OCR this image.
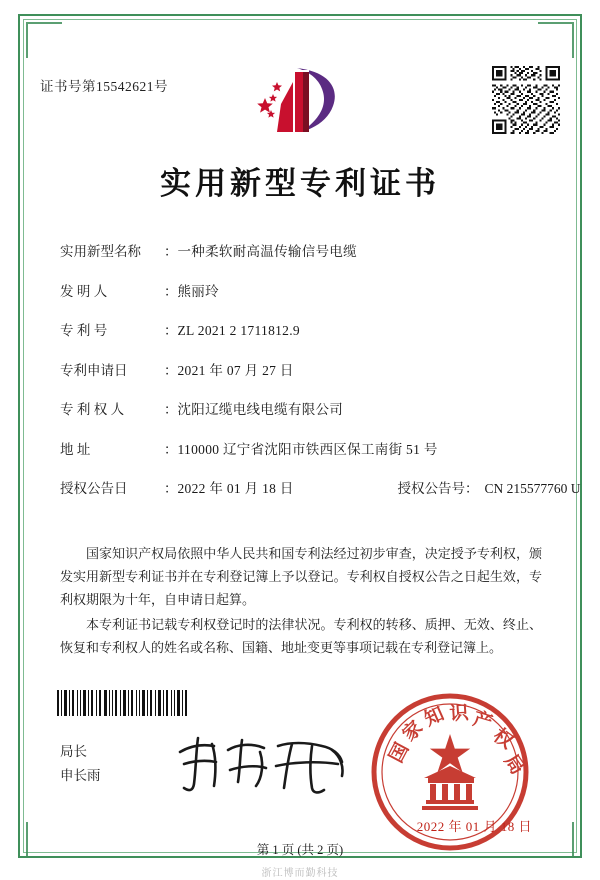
证书号第15542621号
实用新型专利证书
实用新型名称	： 一种柔软耐高温传输信号电缆
发 明 人	： 熊丽玲
专 利 号	： ZL 2021 2 1711812.9
专利申请日	： 2021 年 07 月 27 日
专 利 权 人	： 沈阳辽缆电线电缆有限公司
地 址	： 110000 辽宁省沈阳市铁西区保工南街 51 号
授权公告日	： 2022 年 01 月 18 日	授权公告号： CN 215577760 U

国家知识产权局依照中华人民共和国专利法经过初步审查，决定授予专利权，颁发实用新型专利证书并在专利登记簿上予以登记。专利权自授权公告之日起生效，专利权期限为十年，自申请日起算。

本专利证书记载专利权登记时的法律状况。专利权的转移、质押、无效、终止、恢复和专利权人的姓名或名称、国籍、地址变更等事项记载在专利登记簿上。

局长
申长雨
国
家
知 识 产
权
局
2022 年 01 月 18 日
第 1 页 (共 2 页)
浙江博而勤科技
